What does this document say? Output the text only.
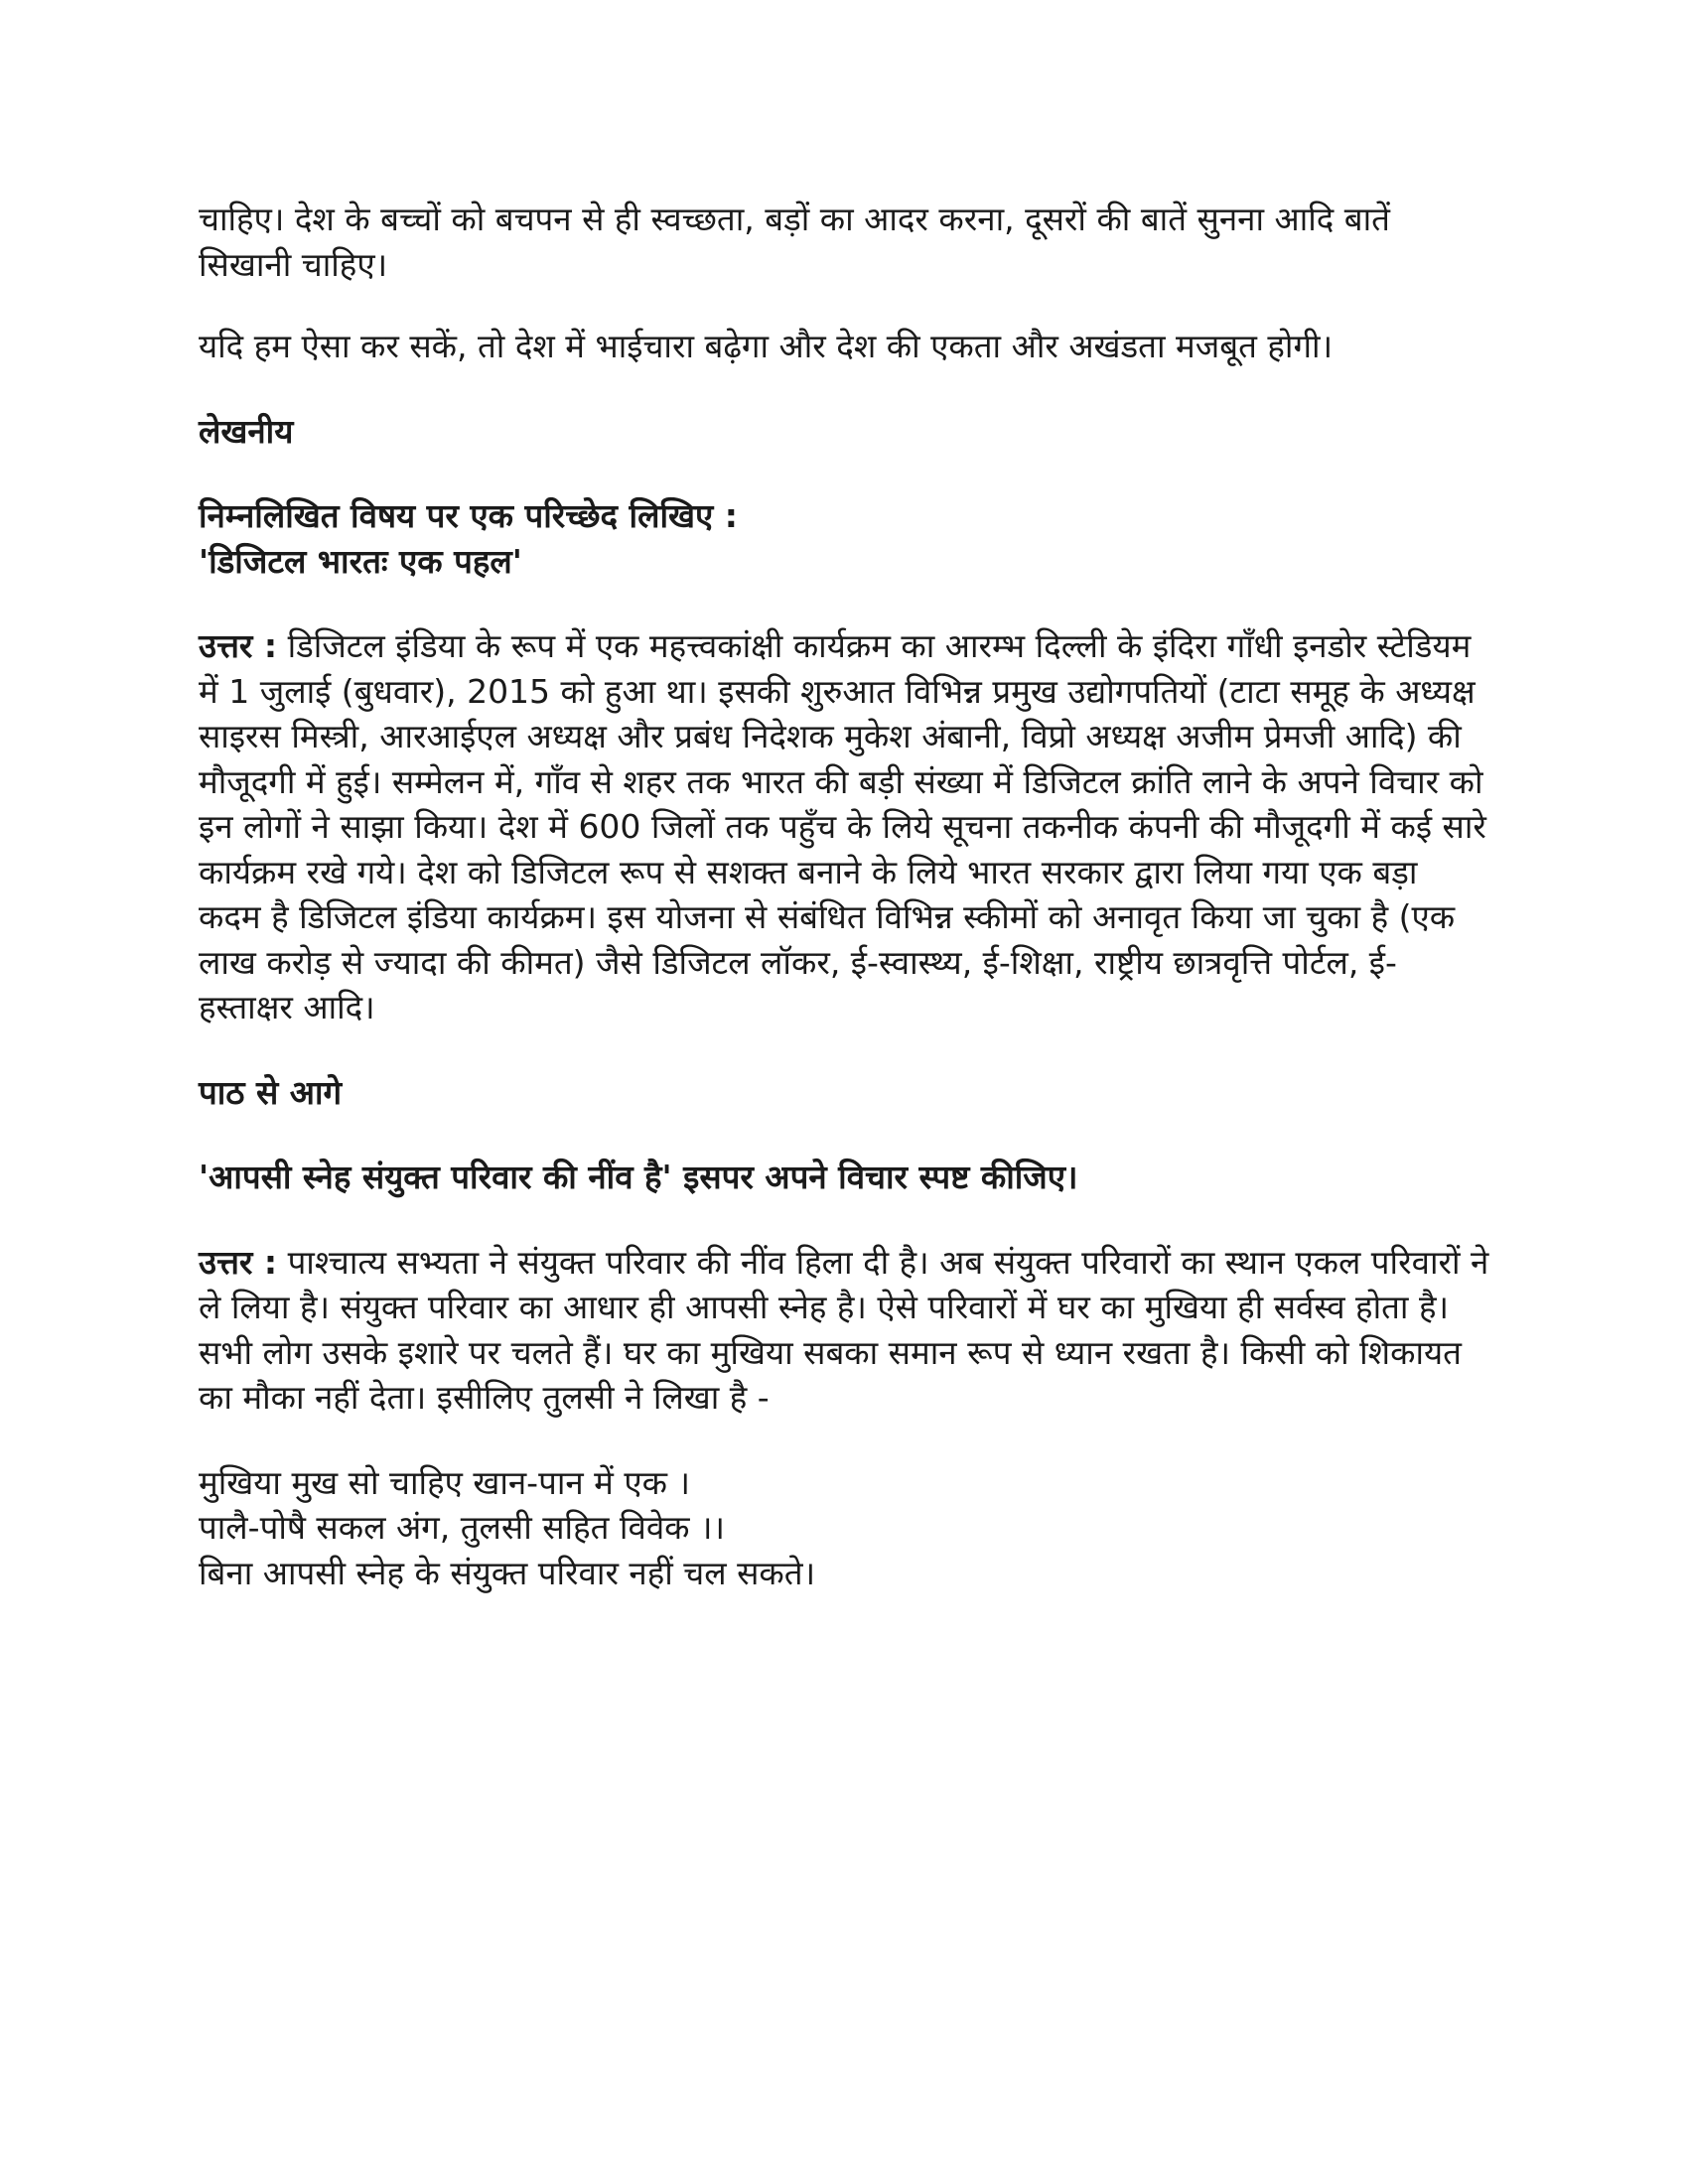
चाहिए। देश के बच्चों को बचपन से ही स्वच्छता, बड़ों का आदर करना, दूसरों की बातें सुनना आदि बातें सिखानी चाहिए।

यदि हम ऐसा कर सकें, तो देश में भाईचारा बढ़ेगा और देश की एकता और अखंडता मजबूत होगी।

लेखनीय

निम्नलिखित विषय पर एक परिच्छेद लिखिए :

'डिजिटल भारतः एक पहल'

उत्तर : डिजिटल इंडिया के रूप में एक महत्त्वकांक्षी कार्यक्रम का आरम्भ दिल्ली के इंदिरा गाँधी इनडोर स्टेडियम में 1 जुलाई (बुधवार), 2015 को हुआ था। इसकी शुरुआत विभिन्न प्रमुख उद्योगपतियों (टाटा समूह के अध्यक्ष साइरस मिस्त्री, आरआईएल अध्यक्ष और प्रबंध निदेशक मुकेश अंबानी, विप्रो अध्यक्ष अजीम प्रेमजी आदि) की मौजूदगी में हुई। सम्मेलन में, गाँव से शहर तक भारत की बड़ी संख्या में डिजिटल क्रांति लाने के अपने विचार को इन लोगों ने साझा किया। देश में 600 जिलों तक पहुँच के लिये सूचना तकनीक कंपनी की मौजूदगी में कई सारे कार्यक्रम रखे गये। देश को डिजिटल रूप से सशक्त बनाने के लिये भारत सरकार द्वारा लिया गया एक बड़ा कदम है डिजिटल इंडिया कार्यक्रम। इस योजना से संबंधित विभिन्न स्कीमों को अनावृत किया जा चुका है (एक लाख करोड़ से ज्यादा की कीमत) जैसे डिजिटल लॉकर, ई-स्वास्थ्य, ई-शिक्षा, राष्ट्रीय छात्रवृत्ति पोर्टल, ई-हस्ताक्षर आदि।

पाठ से आगे

'आपसी स्नेह संयुक्त परिवार की नींव है' इसपर अपने विचार स्पष्ट कीजिए।

उत्तर : पाश्चात्य सभ्यता ने संयुक्त परिवार की नींव हिला दी है। अब संयुक्त परिवारों का स्थान एकल परिवारों ने ले लिया है। संयुक्त परिवार का आधार ही आपसी स्नेह है। ऐसे परिवारों में घर का मुखिया ही सर्वस्व होता है। सभी लोग उसके इशारे पर चलते हैं। घर का मुखिया सबका समान रूप से ध्यान रखता है। किसी को शिकायत का मौका नहीं देता। इसीलिए तुलसी ने लिखा है -

मुखिया मुख सो चाहिए खान-पान में एक ।
पालै-पोषै सकल अंग, तुलसी सहित विवेक ।।
बिना आपसी स्नेह के संयुक्त परिवार नहीं चल सकते।
